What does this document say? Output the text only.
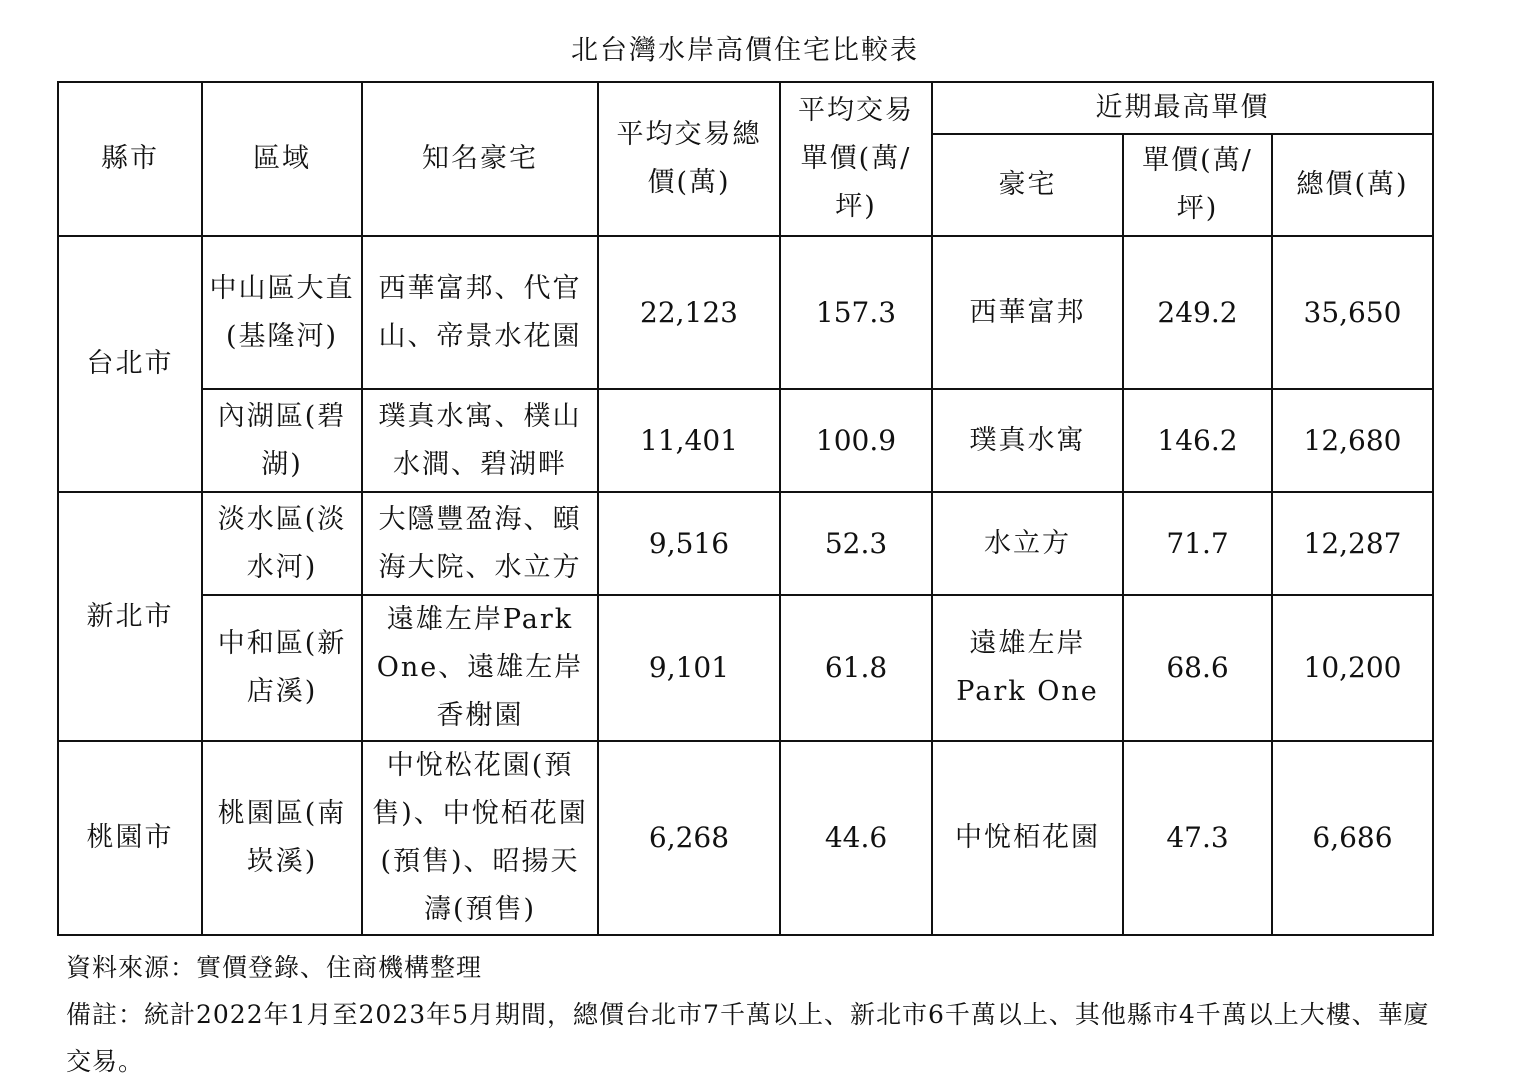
北台灣水岸高價住宅比較表
縣市	區域	知名豪宅	平均交易總價(萬)	平均交易單價(萬/坪)	近期最高單價		
					豪宅	單價(萬/坪)	總價(萬)
台北市	中山區大直(基隆河)	西華富邦、代官山、帝景水花園	22,123	157.3	西華富邦	249.2	35,650
	內湖區(碧湖)	璞真水寓、樸山水澗、碧湖畔	11,401	100.9	璞真水寓	146.2	12,680
新北市	淡水區(淡水河)	大隱豐盈海、頤海大院、水立方	9,516	52.3	水立方	71.7	12,287
	中和區(新店溪)	遠雄左岸Park One、遠雄左岸香榭園	9,101	61.8	遠雄左岸Park One	68.6	10,200
桃園市	桃園區(南崁溪)	中悅松花園(預售)、中悅栢花園(預售)、昭揚天濤(預售)	6,268	44.6	中悅栢花園	47.3	6,686
資料來源：實價登錄、住商機構整理
備註：統計2022年1月至2023年5月期間，總價台北市7千萬以上、新北市6千萬以上、其他縣市4千萬以上大樓、華廈交易。
